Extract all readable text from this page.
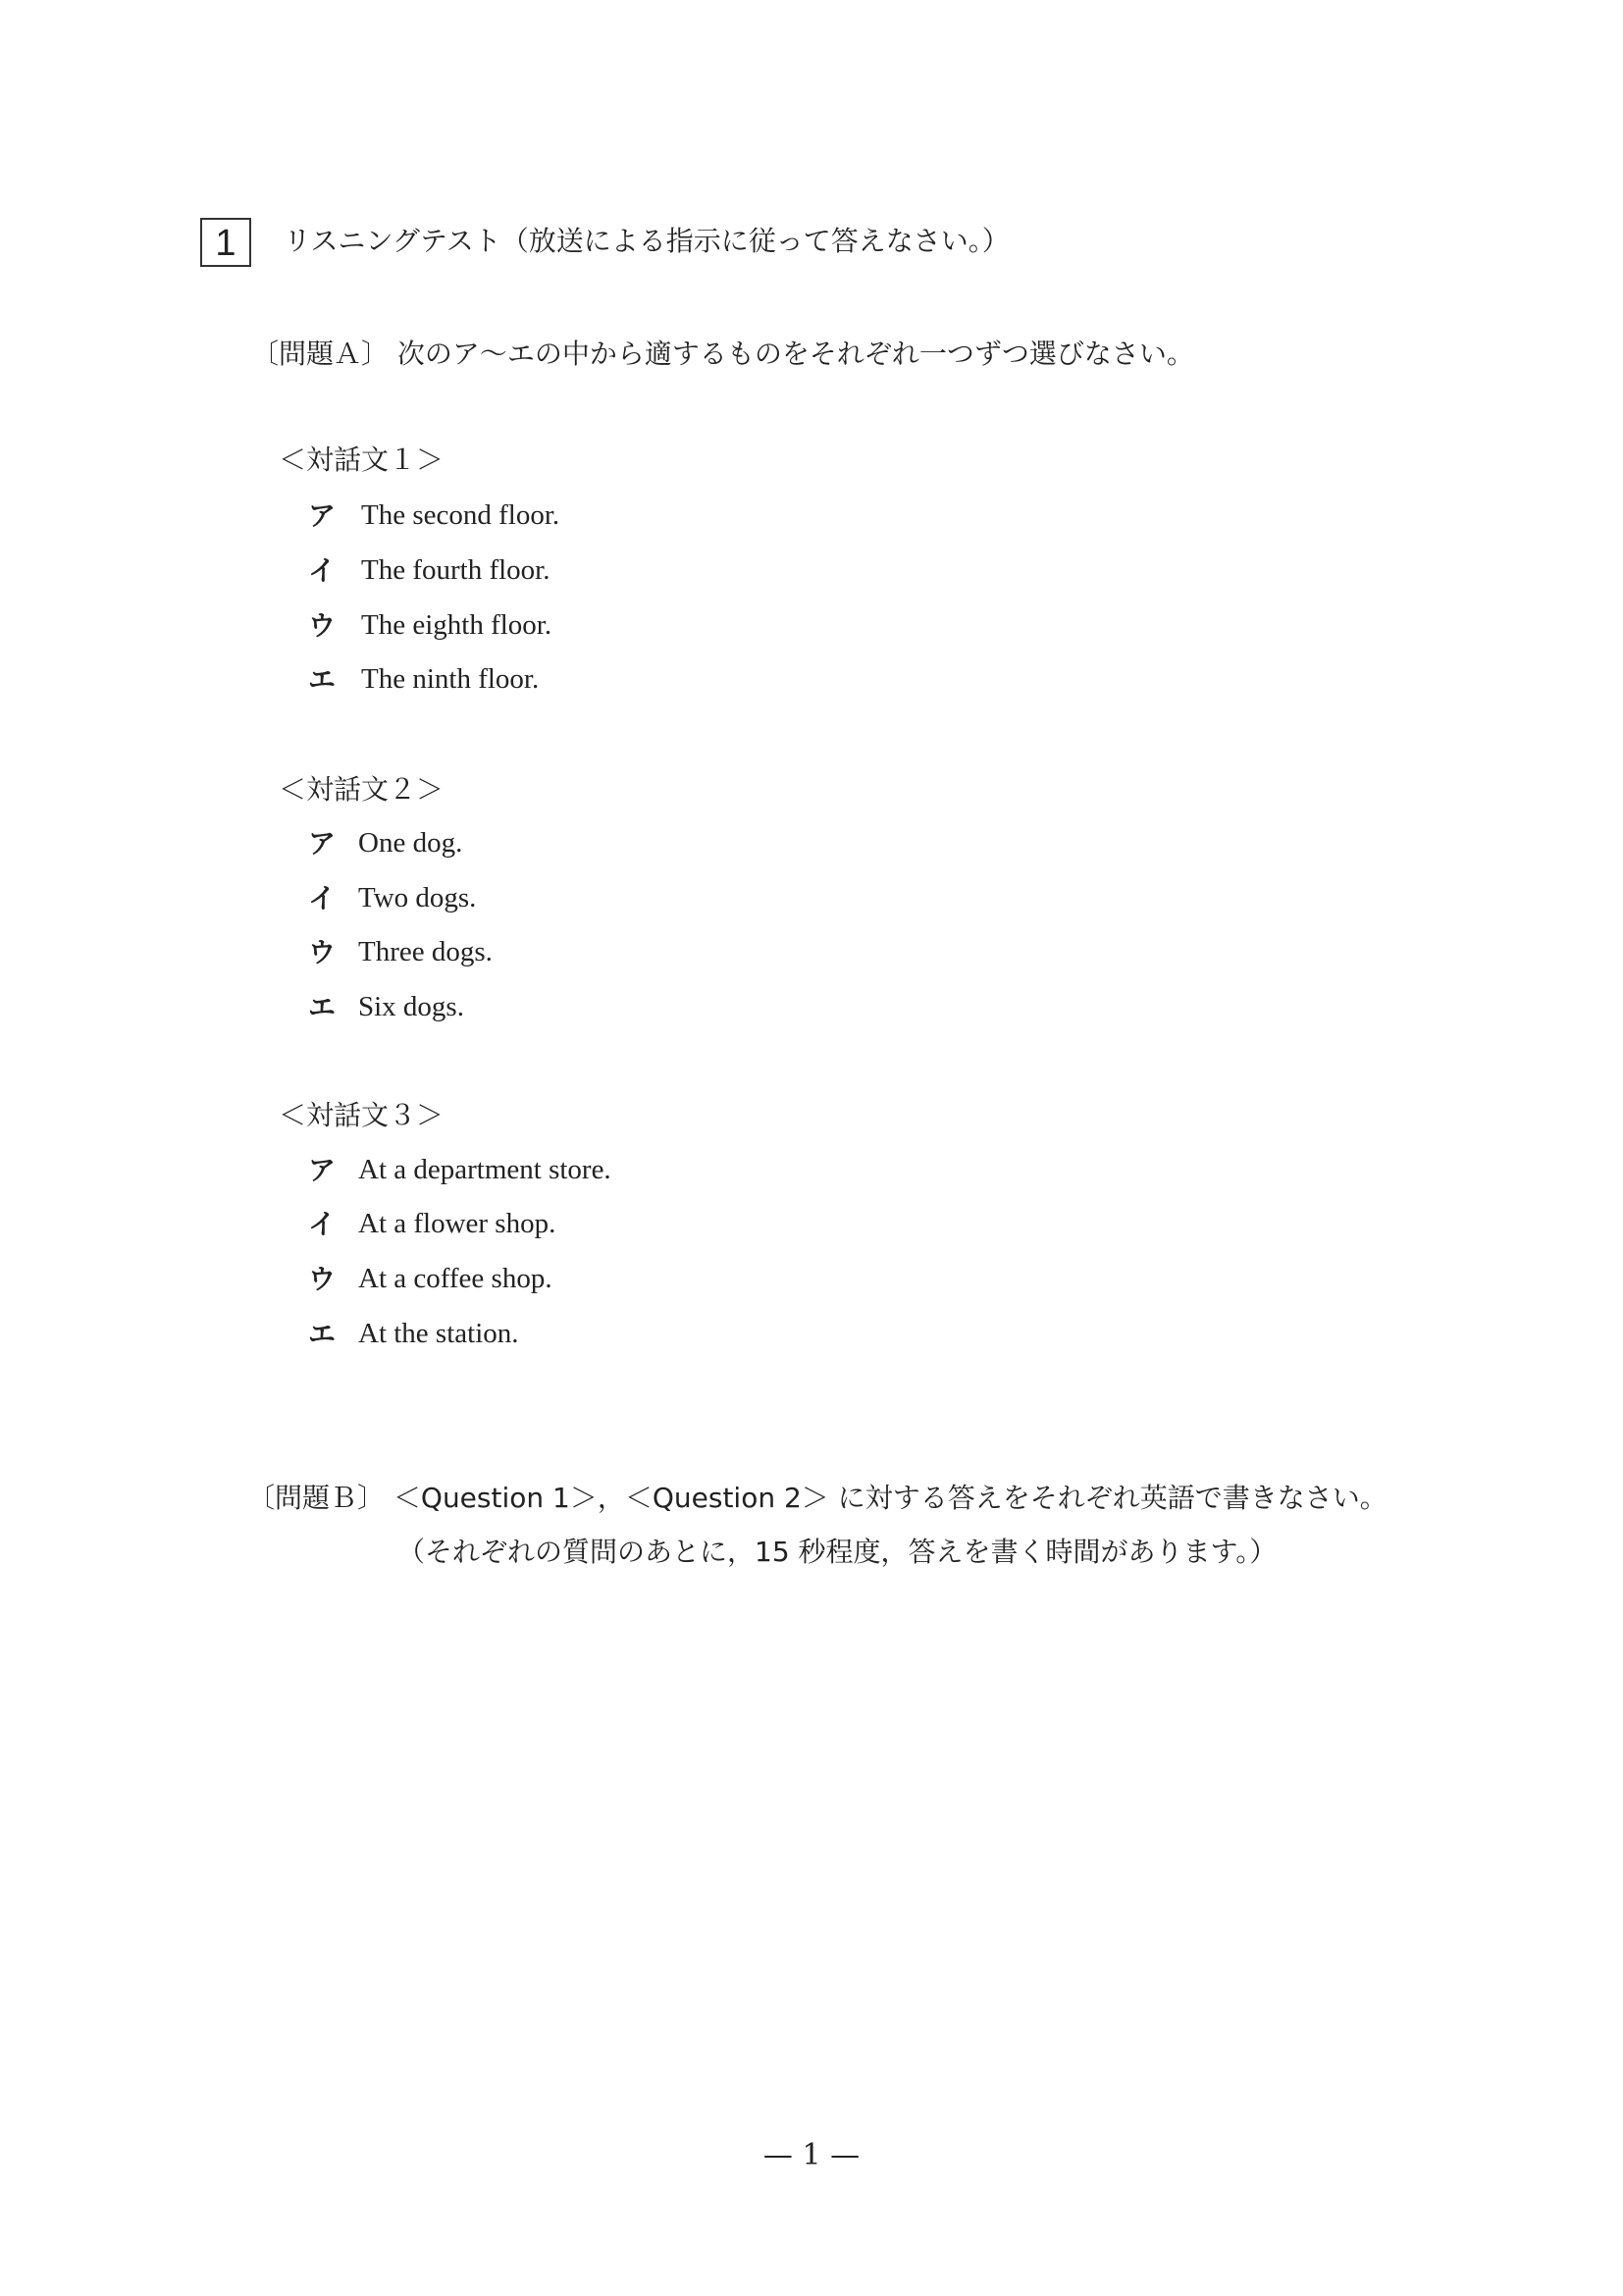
1	リスニングテスト（放送による指示に従って答えなさい。）
〔問題Ａ〕 次のア～エの中から適するものをそれぞれ一つずつ選びなさい。
＜対話文１＞
ア The second floor.
イ The fourth floor.
ウ The eighth floor.
エ The ninth floor.
＜対話文２＞
ア One dog.
イ Two dogs.
ウ Three dogs.
エ Six dogs.
＜対話文３＞
ア At a department store.
イ At a flower shop.
ウ At a coffee shop.
エ At the station.
〔問題Ｂ〕 ＜Question 1＞，＜Question 2＞ に対する答えをそれぞれ英語で書きなさい。
（それぞれの質問のあとに，15 秒程度，答えを書く時間があります。）
— 1 —
